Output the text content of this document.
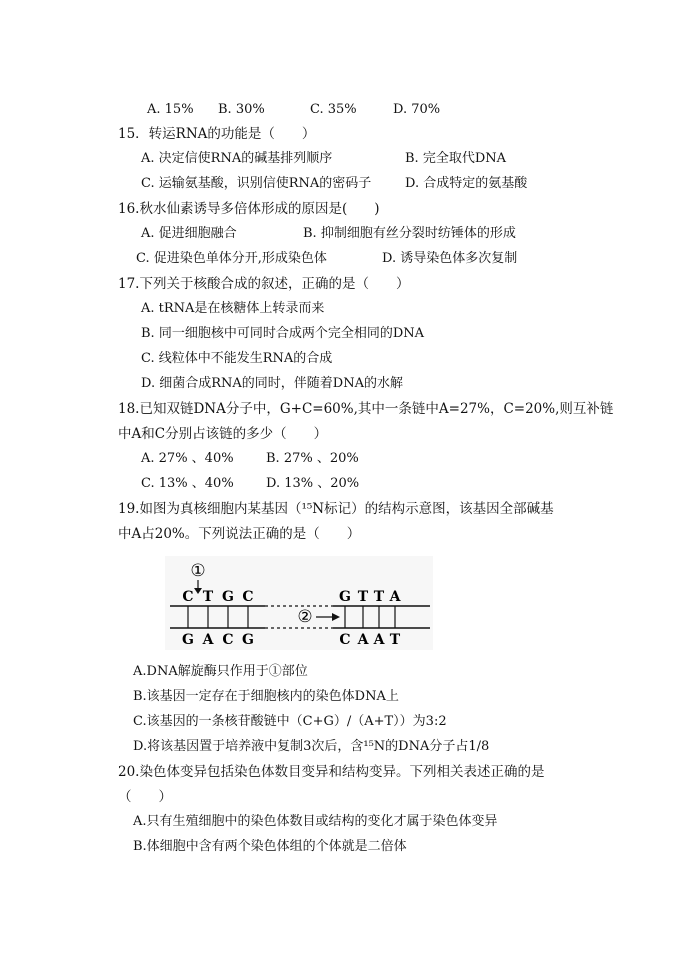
A. 15% B. 30%	C. 35%	D. 70%
15．转运RNA的功能是（　　）
A. 决定信使RNA的碱基排列顺序	B. 完全取代DNA
C. 运输氨基酸，识别信使RNA的密码子	D. 合成特定的氨基酸
16.秋水仙素诱导多倍体形成的原因是(　　)
A. 促进细胞融合	B. 抑制细胞有丝分裂时纺锤体的形成
C. 促进染色单体分开,形成染色体	D. 诱导染色体多次复制
17.下列关于核酸合成的叙述，正确的是（　　）
A. tRNA是在核糖体上转录而来
B. 同一细胞核中可同时合成两个完全相同的DNA
C. 线粒体中不能发生RNA的合成
D. 细菌合成RNA的同时，伴随着DNA的水解
18.已知双链DNA分子中，G+C=60%,其中一条链中A=27%，C=20%,则互补链
中A和C分别占该链的多少（　　）
A. 27% 、40% B. 27% 、20%
C. 13% 、40% D. 13% 、20%
19.如图为真核细胞内某基因（¹⁵N标记）的结构示意图，该基因全部碱基
中A占20%。下列说法正确的是（　　）
①
C T G C	G T T A
②
G A C G	C A A T
A.DNA解旋酶只作用于①部位
B.该基因一定存在于细胞核内的染色体DNA上
C.该基因的一条核苷酸链中（C+G）/（A+T））为3:2
D.将该基因置于培养液中复制3次后，含¹⁵N的DNA分子占1/8
20.染色体变异包括染色体数目变异和结构变异。下列相关表述正确的是
（　　）
A.只有生殖细胞中的染色体数目或结构的变化才属于染色体变异
B.体细胞中含有两个染色体组的个体就是二倍体
